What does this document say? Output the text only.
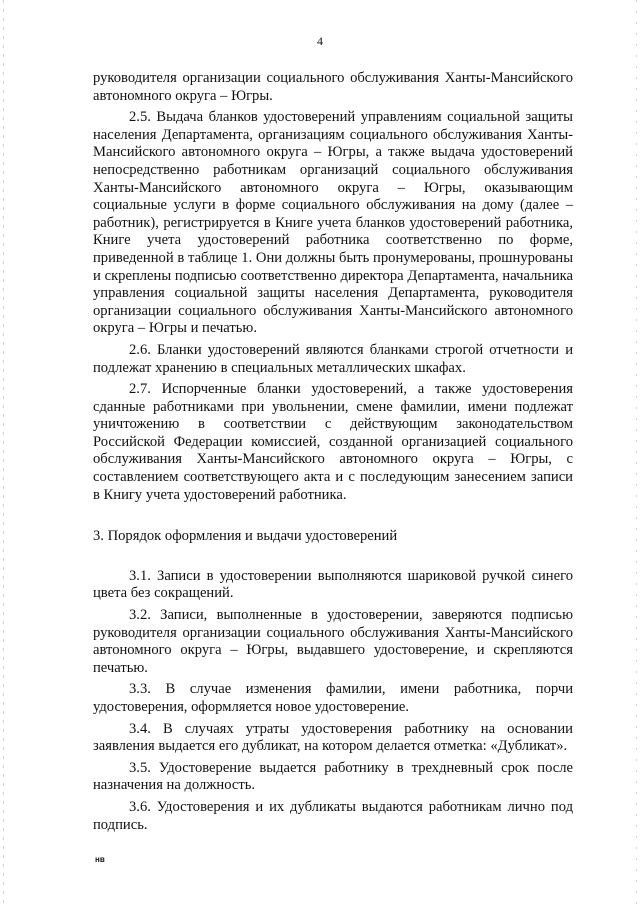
4

руководителя организации социального обслуживания Ханты-Мансийского автономного округа – Югры.

2.5. Выдача бланков удостоверений управлениям социальной защиты населения Департамента, организациям социального обслуживания Ханты-Мансийского автономного округа – Югры, а также выдача удостоверений непосредственно работникам организаций социального обслуживания Ханты-Мансийского автономного округа – Югры, оказывающим социальные услуги в форме социального обслуживания на дому (далее – работник), регистрируется в Книге учета бланков удостоверений работника, Книге учета удостоверений работника соответственно по форме, приведенной в таблице 1. Они должны быть пронумерованы, прошнурованы и скреплены подписью соответственно директора Департамента, начальника управления социальной защиты населения Департамента, руководителя организации социального обслуживания Ханты-Мансийского автономного округа – Югры и печатью.

2.6. Бланки удостоверений являются бланками строгой отчетности и подлежат хранению в специальных металлических шкафах.

2.7. Испорченные бланки удостоверений, а также удостоверения сданные работниками при увольнении, смене фамилии, имени подлежат уничтожению в соответствии с действующим законодательством Российской Федерации комиссией, созданной организацией социального обслуживания Ханты-Мансийского автономного округа – Югры, с составлением соответствующего акта и с последующим занесением записи в Книгу учета удостоверений работника.

3. Порядок оформления и выдачи удостоверений

3.1. Записи в удостоверении выполняются шариковой ручкой синего цвета без сокращений.

3.2. Записи, выполненные в удостоверении, заверяются подписью руководителя организации социального обслуживания Ханты-Мансийского автономного округа – Югры, выдавшего удостоверение, и скрепляются печатью.

3.3. В случае изменения фамилии, имени работника, порчи удостоверения, оформляется новое удостоверение.

3.4. В случаях утраты удостоверения работнику на основании заявления выдается его дубликат, на котором делается отметка: «Дубликат».

3.5. Удостоверение выдается работнику в трехдневный срок после назначения на должность.

3.6. Удостоверения и их дубликаты выдаются работникам лично под подпись.

нв
